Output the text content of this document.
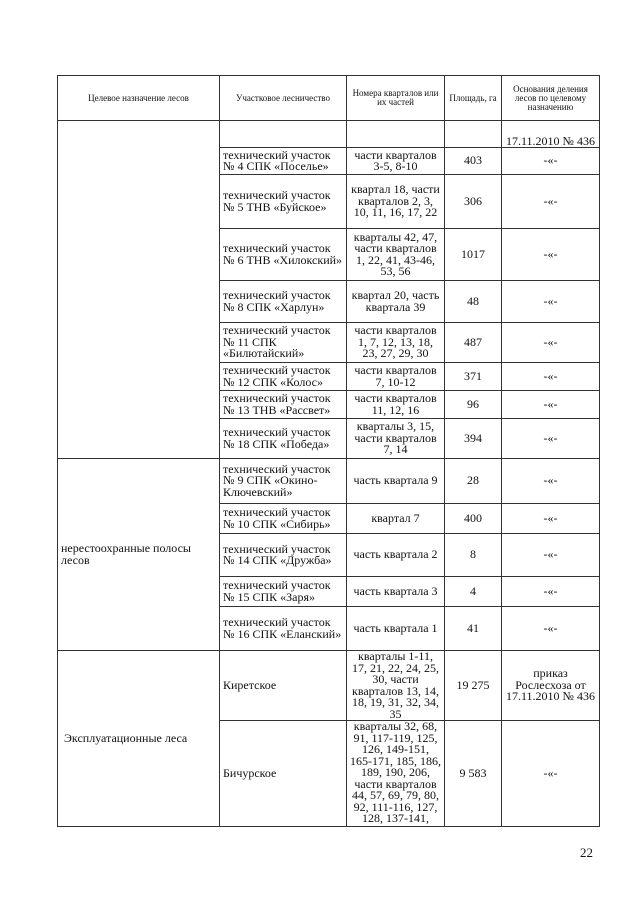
Целевое назначение лесов	Участковое лесничество	Номера кварталов или их частей	Площадь, га	Основания деления лесов по целевому назначению
				17.11.2010 № 436
	технический участок № 4 СПК «Поселье»	части кварталов 3-5, 8-10	403	-«-
	технический участок № 5 ТНВ «Буйское»	квартал 18, части кварталов 2, 3, 10, 11, 16, 17, 22	306	-«-
	технический участок № 6 ТНВ «Хилокский»	кварталы 42, 47, части кварталов 1, 22, 41, 43-46, 53, 56	1017	-«-
	технический участок № 8 СПК «Харлун»	квартал 20, часть квартала 39	48	-«-
	технический участок № 11 СПК «Билютайский»	части кварталов 1, 7, 12, 13, 18, 23, 27, 29, 30	487	-«-
	технический участок № 12 СПК «Колос»	части кварталов 7, 10-12	371	-«-
	технический участок № 13 ТНВ «Рассвет»	части кварталов 11, 12, 16	96	-«-
	технический участок № 18 СПК «Победа»	кварталы 3, 15, части кварталов 7, 14	394	-«-
нерестоохранные полосы лесов	технический участок № 9 СПК «Окино-Ключевский»	часть квартала 9	28	-«-
	технический участок № 10 СПК «Сибирь»	квартал 7	400	-«-
	технический участок № 14 СПК «Дружба»	часть квартала 2	8	-«-
	технический участок № 15 СПК «Заря»	часть квартала 3	4	-«-
	технический участок № 16 СПК «Еланский»	часть квартала 1	41	-«-
Эксплуатационные леса	Киретское	кварталы 1-11, 17, 21, 22, 24, 25, 30, части кварталов 13, 14, 18, 19, 31, 32, 34, 35	19 275	приказ Рослесхоза от 17.11.2010 № 436
	Бичурское	кварталы 32, 68, 91, 117-119, 125, 126, 149-151, 165-171, 185, 186, 189, 190, 206, части кварталов 44, 57, 69, 79, 80, 92, 111-116, 127, 128, 137-141,	9 583	-«-
22
